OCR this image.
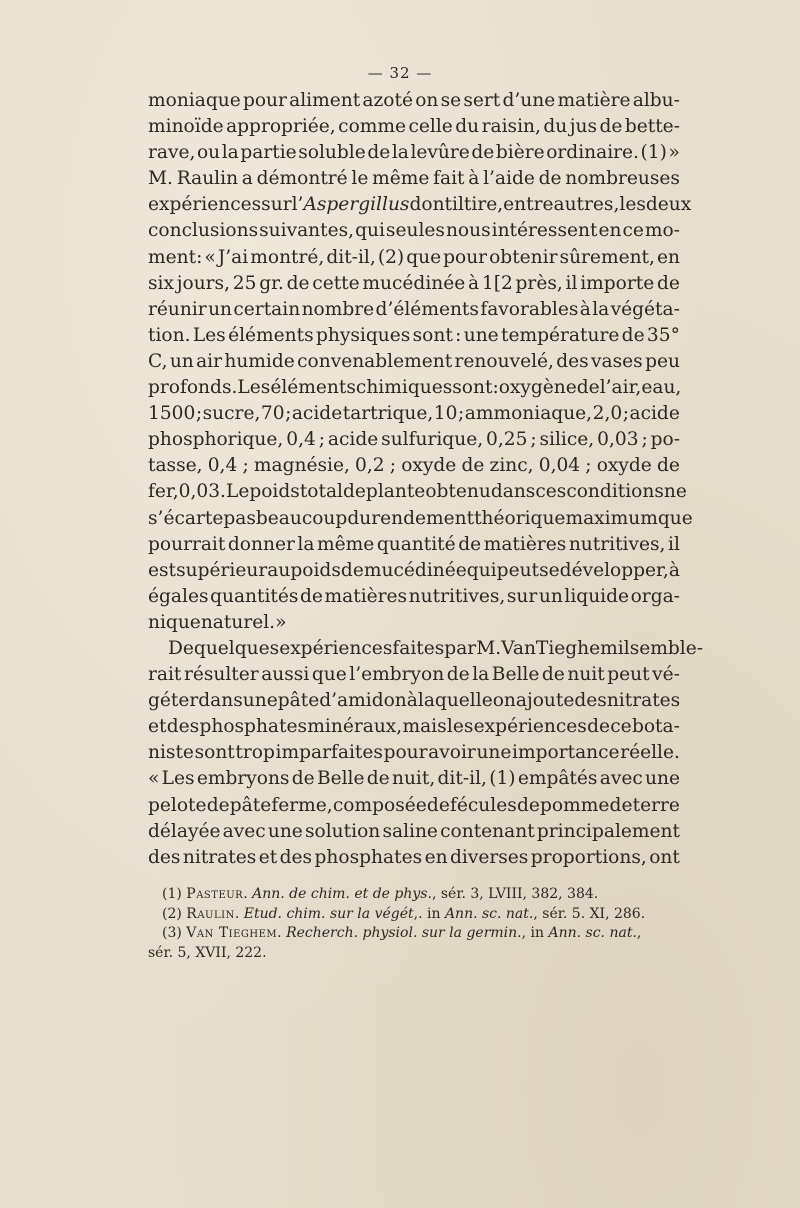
— 32 —
moniaque pour aliment azoté on se sert d’une matière albu-
minoïde appropriée, comme celle du raisin, du jus de bette-
rave, ou la partie soluble de la levûre de bière ordinaire. (1) »
M. Raulin a démontré le même fait à l’aide de nombreuses
expériences sur l’Aspergillus dont il tire, entre autres, les deux
conclusions suivantes, qui seules nous intéressent en ce mo-
ment: « J’ai montré, dit-il, (2) que pour obtenir sûrement, en
six jours, 25 gr. de cette mucédinée à 1[2 près, il importe de
réunir un certain nombre d’éléments favorables à la végéta-
tion. Les éléments physiques sont : une température de 35°
C, un air humide convenablement renouvelé, des vases peu
profonds. Les éléments chimiques sont : oxygène de l’air, eau,
1500 ; sucre, 70 ; acide tartrique, 10 ; ammoniaque, 2,0 ; acide
phosphorique, 0,4 ; acide sulfurique, 0,25 ; silice, 0,03 ; po-
tasse, 0,4 ; magnésie, 0,2 ; oxyde de zinc, 0,04 ; oxyde de
fer, 0,03. Le poids total de plante obtenu dans ces conditions ne
s’écarte pas beaucoup du rendement théorique maximum que
pourrait donner la même quantité de matières nutritives, il
est supérieur au poids de mucédinée qui peut se développer, à
égales quantités de matières nutritives, sur un liquide orga-
nique naturel. »
De quelques expériences faites par M. Van Tieghem il semble-
rait résulter aussi que l’embryon de la Belle de nuit peut vé-
géter dans une pâte d’amidon à laquelle on ajoute des nitrates
et des phosphates minéraux, mais les expériences de ce bota-
niste sont trop imparfaites pour avoir une importance réelle.
« Les embryons de Belle de nuit, dit-il, (1) empâtés avec une
pelote de pâte ferme, composée de fécules de pomme de terre
délayée avec une solution saline contenant principalement
des nitrates et des phosphates en diverses proportions, ont
(1) Pasteur. Ann. de chim. et de phys., sér. 3, LVIII, 382, 384.
(2) Raulin. Etud. chim. sur la végét,. in Ann. sc. nat., sér. 5. XI, 286.
(3) Van Tieghem. Recherch. physiol. sur la germin., in Ann. sc. nat.,
sér. 5, XVII, 222.
